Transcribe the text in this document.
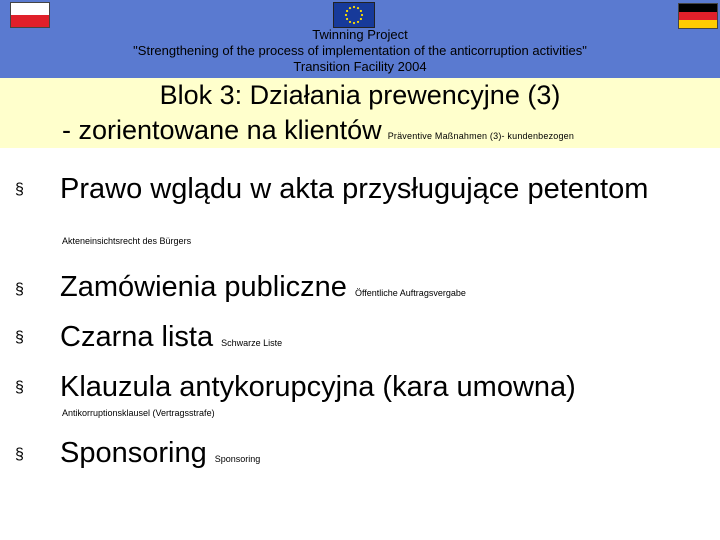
Twinning Project
"Strengthening of the process of implementation of the anticorruption activities"
Transition Facility 2004
Blok 3: Działania prewencyjne (3)
- zorientowane na klientów Präventive Maßnahmen (3)- kundenbezogen
§ Prawo wglądu w akta przysługujące petentom
Akteneinsichtsrecht des Bürgers
§ Zamówienia publiczne Öffentliche Auftragsvergabe
§ Czarna lista Schwarze Liste
§ Klauzula antykorupcyjna (kara umowna)
Antikorruptionsklausel (Vertragsstrafe)
§ Sponsoring Sponsoring
